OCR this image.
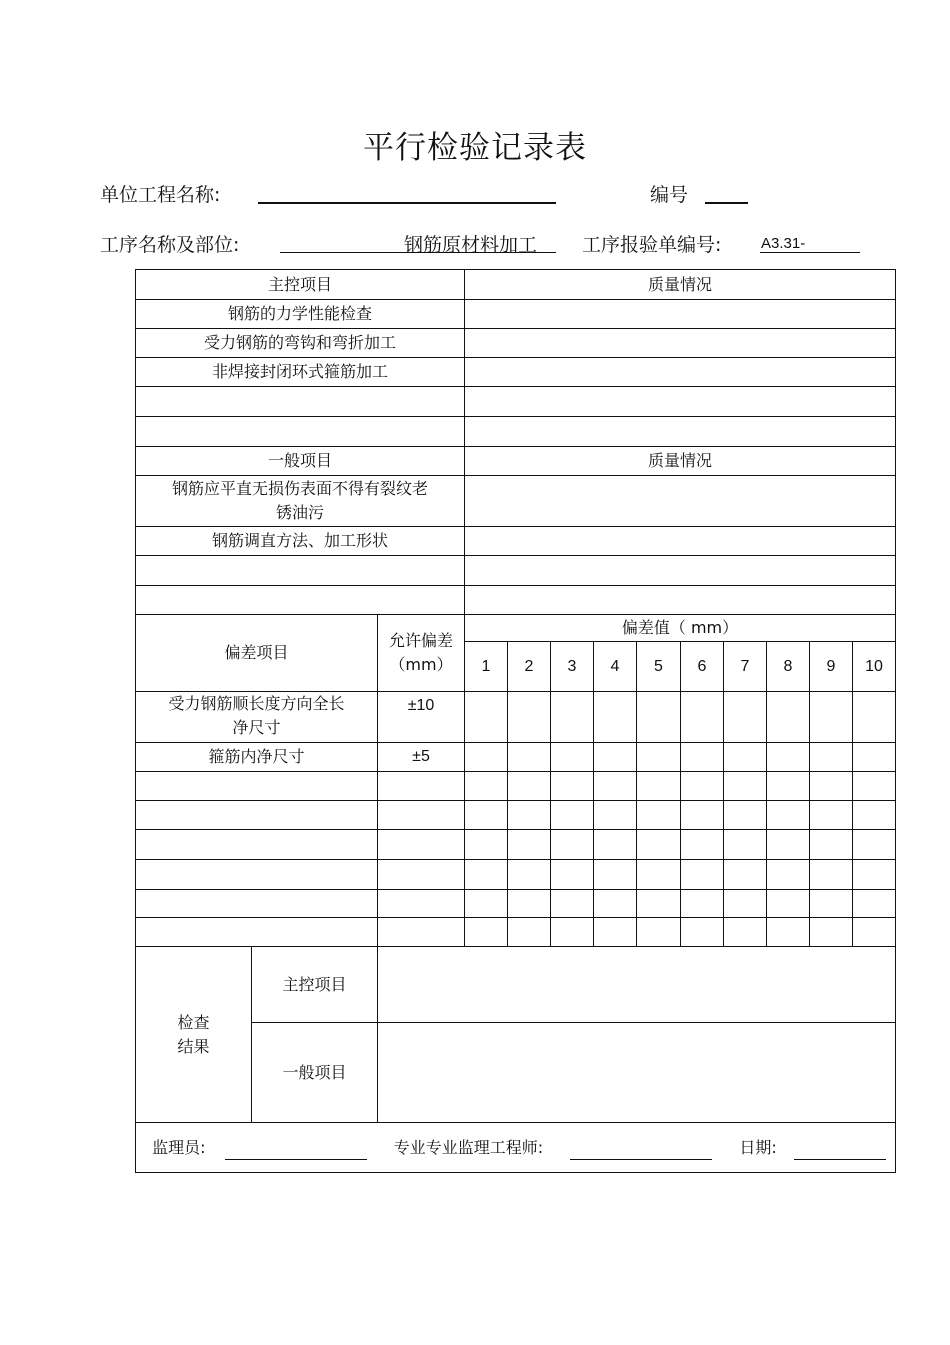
平行检验记录表
单位工程名称:	编号
工序名称及部位:	钢筋原材料加工 工序报验单编号:	A3.31-
主控项目			质量情况									
钢筋的力学性能检查												
受力钢筋的弯钩和弯折加工												
非焊接封闭环式箍筋加工												

一般项目			质量情况									
钢筋应平直无损伤表面不得有裂纹老锈油污												
钢筋调直方法、加工形状												

偏差项目		允许偏差（mm）	偏差值（ mm）									
			1	2	3	4	5	6	7	8	9	10
受力钢筋顺长度方向全长净尺寸		±10										
箍筋内净尺寸		±5										

检查结果	主控项目											
	一般项目											
监理员: 专业专业监理工程师: 日期:												
